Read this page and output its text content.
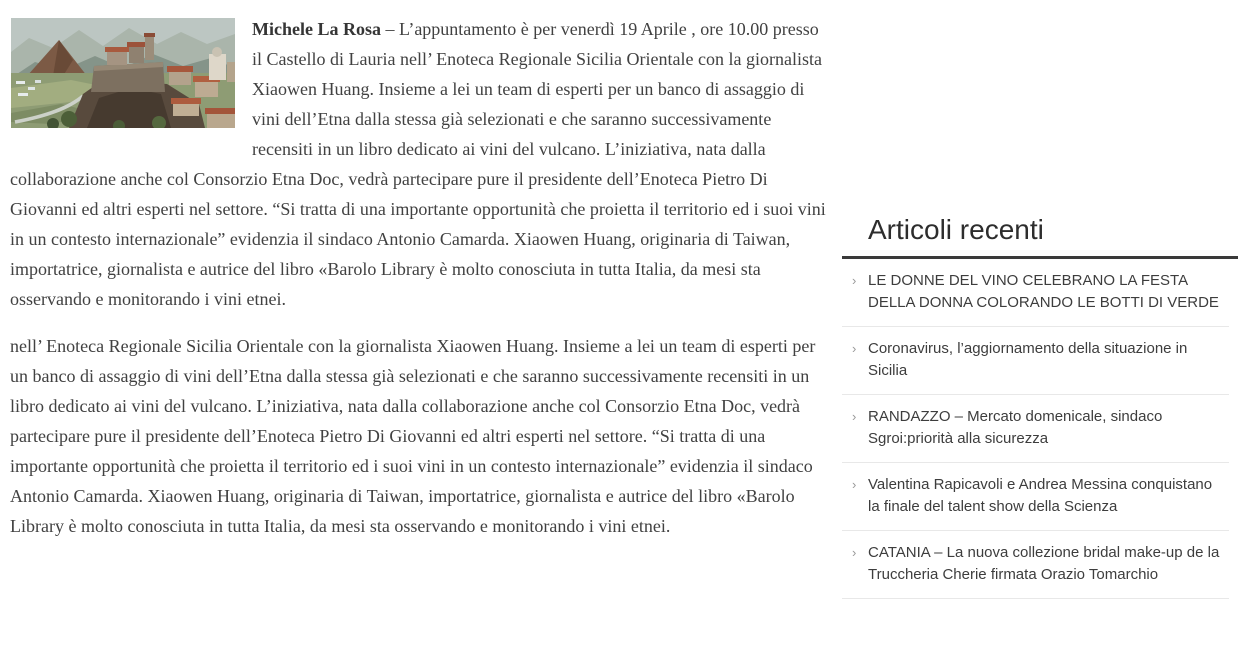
Michele La Rosa – L’appuntamento è per venerdì 19 Aprile , ore 10.00 presso il Castello di Lauria nell’ Enoteca Regionale Sicilia Orientale con la giornalista Xiaowen Huang. Insieme a lei un team di esperti per un banco di assaggio di vini dell’Etna dalla stessa già selezionati e che saranno successivamente recensiti in un libro dedicato ai vini del vulcano. L’iniziativa, nata dalla collaborazione anche col Consorzio Etna Doc, vedrà partecipare pure il presidente dell’Enoteca Pietro Di Giovanni ed altri esperti nel settore. “Si tratta di una importante opportunità che proietta il territorio ed i suoi vini in un contesto internazionale” evidenzia il sindaco Antonio Camarda. Xiaowen Huang, originaria di Taiwan, importatrice, giornalista e autrice del libro «Barolo Library è molto conosciuta in tutta Italia, da mesi sta osservando e monitorando i vini etnei.

nell’ Enoteca Regionale Sicilia Orientale con la giornalista Xiaowen Huang. Insieme a lei un team di esperti per un banco di assaggio di vini dell’Etna dalla stessa già selezionati e che saranno successivamente recensiti in un libro dedicato ai vini del vulcano. L’iniziativa, nata dalla collaborazione anche col Consorzio Etna Doc, vedrà partecipare pure il presidente dell’Enoteca Pietro Di Giovanni ed altri esperti nel settore. “Si tratta di una importante opportunità che proietta il territorio ed i suoi vini in un contesto internazionale” evidenzia il sindaco Antonio Camarda. Xiaowen Huang, originaria di Taiwan, importatrice, giornalista e autrice del libro «Barolo Library è molto conosciuta in tutta Italia, da mesi sta osservando e monitorando i vini etnei.

Articoli recenti
› LE DONNE DEL VINO CELEBRANO LA FESTA DELLA DONNA COLORANDO LE BOTTI DI VERDE
› Coronavirus, l’aggiornamento della situazione in Sicilia
› RANDAZZO – Mercato domenicale, sindaco Sgroi:priorità alla sicurezza
› Valentina Rapicavoli e Andrea Messina conquistano la finale del talent show della Scienza
› CATANIA – La nuova collezione bridal make-up de la Truccheria Cherie firmata Orazio Tomarchio
